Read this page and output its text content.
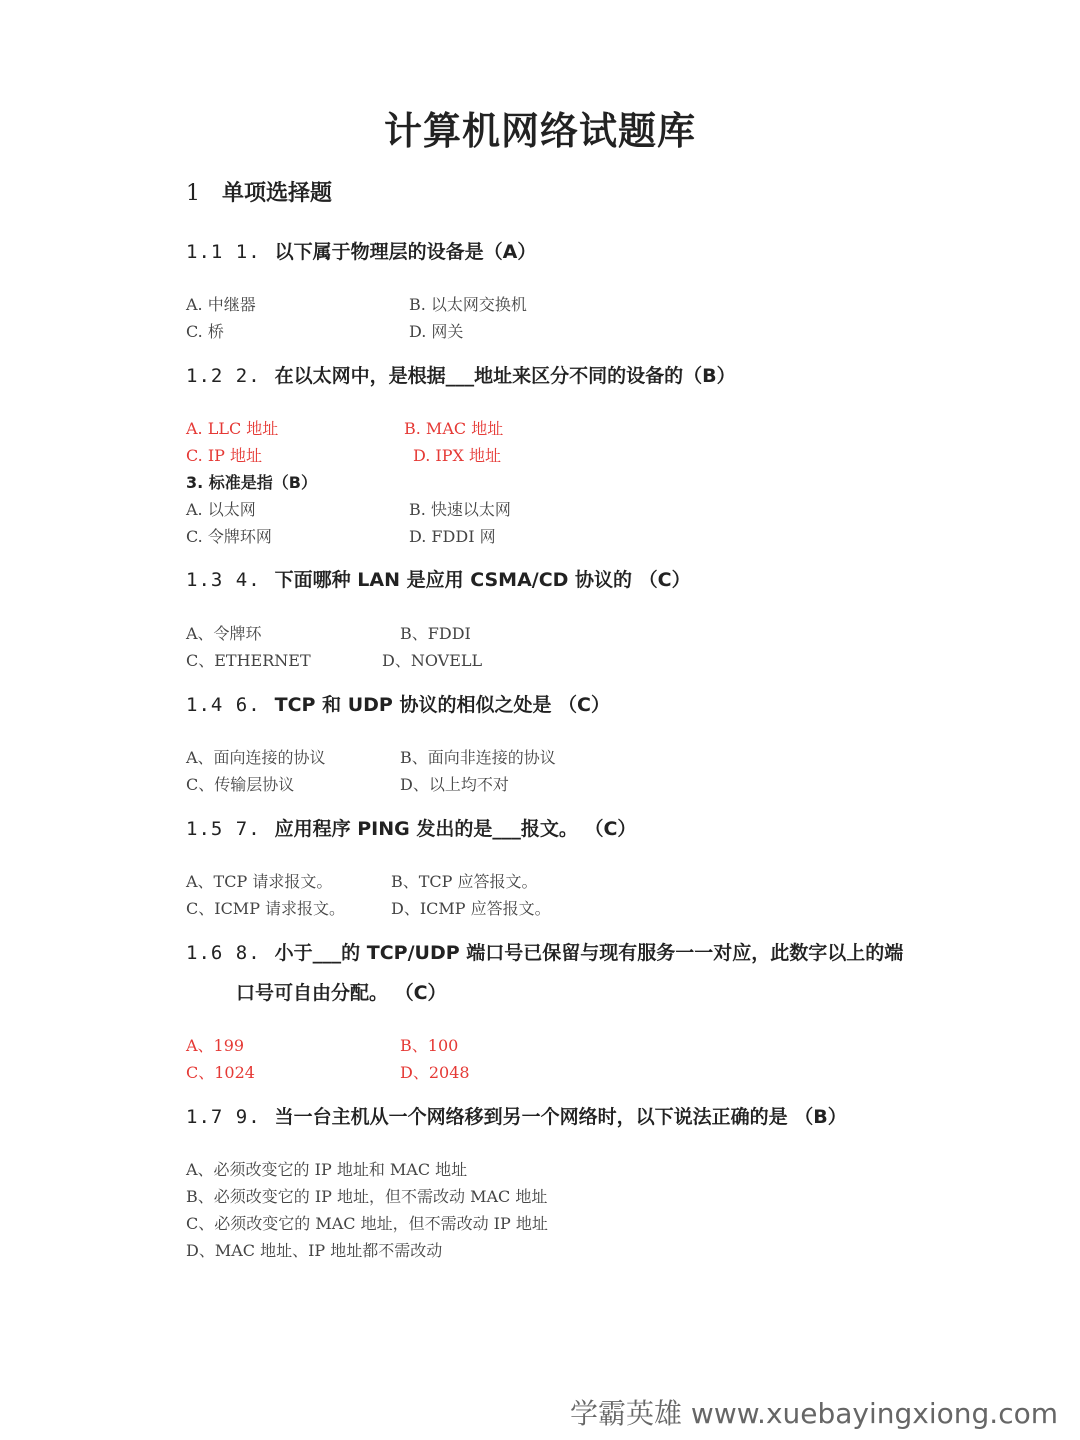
计算机网络试题库
1 单项选择题
1.1 1. 以下属于物理层的设备是（A）
A. 中继器	B. 以太网交换机
C. 桥	D. 网关
1.2 2. 在以太网中，是根据___地址来区分不同的设备的（B）
A. LLC 地址	B. MAC 地址
C. IP 地址	D. IPX 地址
3. 标准是指（B）
A. 以太网	B. 快速以太网
C. 令牌环网	D. FDDI 网
1.3 4. 下面哪种 LAN 是应用 CSMA/CD 协议的 （C）
A、令牌环	B、FDDI
C、ETHERNET	D、NOVELL
1.4 6. TCP 和 UDP 协议的相似之处是 （C）
A、面向连接的协议	B、面向非连接的协议
C、传输层协议	D、以上均不对
1.5 7. 应用程序 PING 发出的是___报文。 （C）
A、TCP 请求报文。	B、TCP 应答报文。
C、ICMP 请求报文。	D、ICMP 应答报文。
1.6 8. 小于___的 TCP/UDP 端口号已保留与现有服务一一对应，此数字以上的端
口号可自由分配。 （C）
A、199	B、100
C、1024	D、2048
1.7 9. 当一台主机从一个网络移到另一个网络时，以下说法正确的是 （B）
A、必须改变它的 IP 地址和 MAC 地址
B、必须改变它的 IP 地址，但不需改动 MAC 地址
C、必须改变它的 MAC 地址，但不需改动 IP 地址
D、MAC 地址、IP 地址都不需改动
学霸英雄 www.xuebayingxiong.com
